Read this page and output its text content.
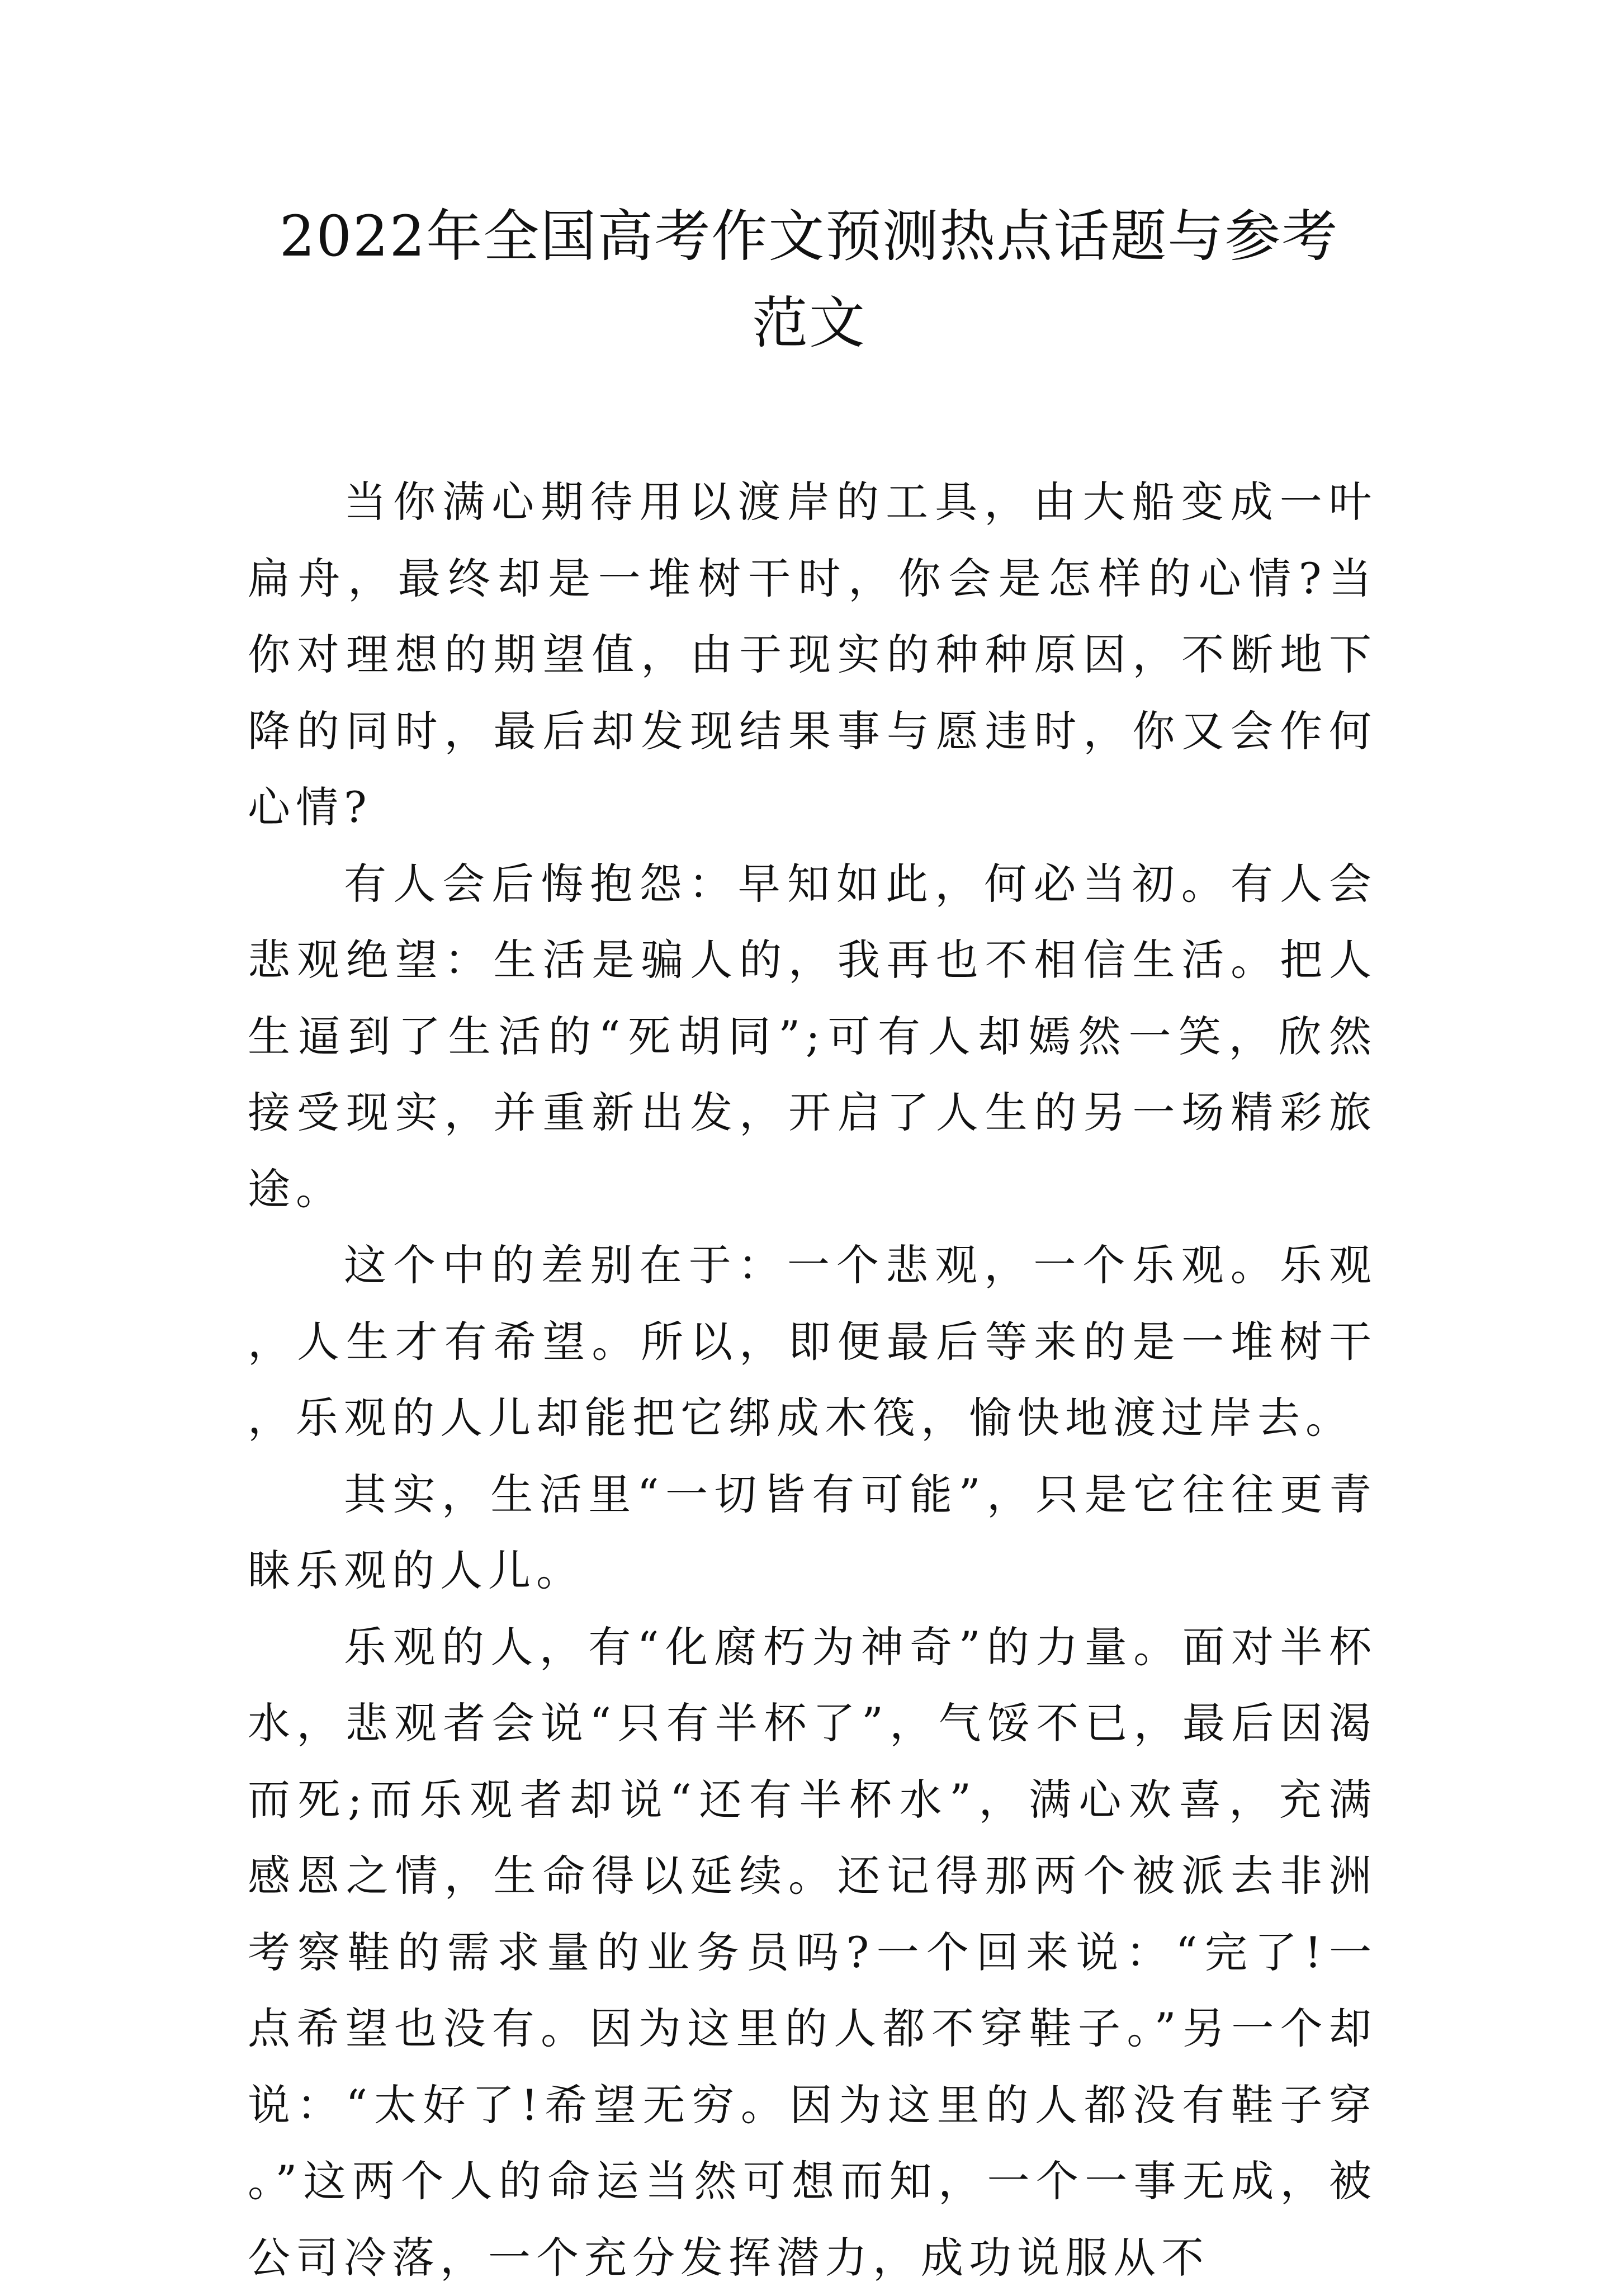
2022年全国高考作文预测热点话题与参考
范文

当你满心期待用以渡岸的工具，由大船变成一叶扁舟，最终却是一堆树干时，你会是怎样的心情?当你对理想的期望值，由于现实的种种原因，不断地下降的同时，最后却发现结果事与愿违时，你又会作何心情?

有人会后悔抱怨：早知如此，何必当初。有人会悲观绝望：生活是骗人的，我再也不相信生活。把人生逼到了生活的“死胡同”;可有人却嫣然一笑，欣然接受现实，并重新出发，开启了人生的另一场精彩旅途。

这个中的差别在于：一个悲观，一个乐观。乐观，人生才有希望。所以，即便最后等来的是一堆树干，乐观的人儿却能把它绑成木筏，愉快地渡过岸去。

其实，生活里“一切皆有可能”，只是它往往更青睐乐观的人儿。

乐观的人，有“化腐朽为神奇”的力量。面对半杯水，悲观者会说“只有半杯了”，气馁不已，最后因渴而死;而乐观者却说“还有半杯水”，满心欢喜，充满感恩之情，生命得以延续。还记得那两个被派去非洲考察鞋的需求量的业务员吗?一个回来说：“完了!一点希望也没有。因为这里的人都不穿鞋子。”另一个却说：“太好了!希望无穷。因为这里的人都没有鞋子穿。”这两个人的命运当然可想而知，一个一事无成，被公司冷落，一个充分发挥潜力，成功说服从不
